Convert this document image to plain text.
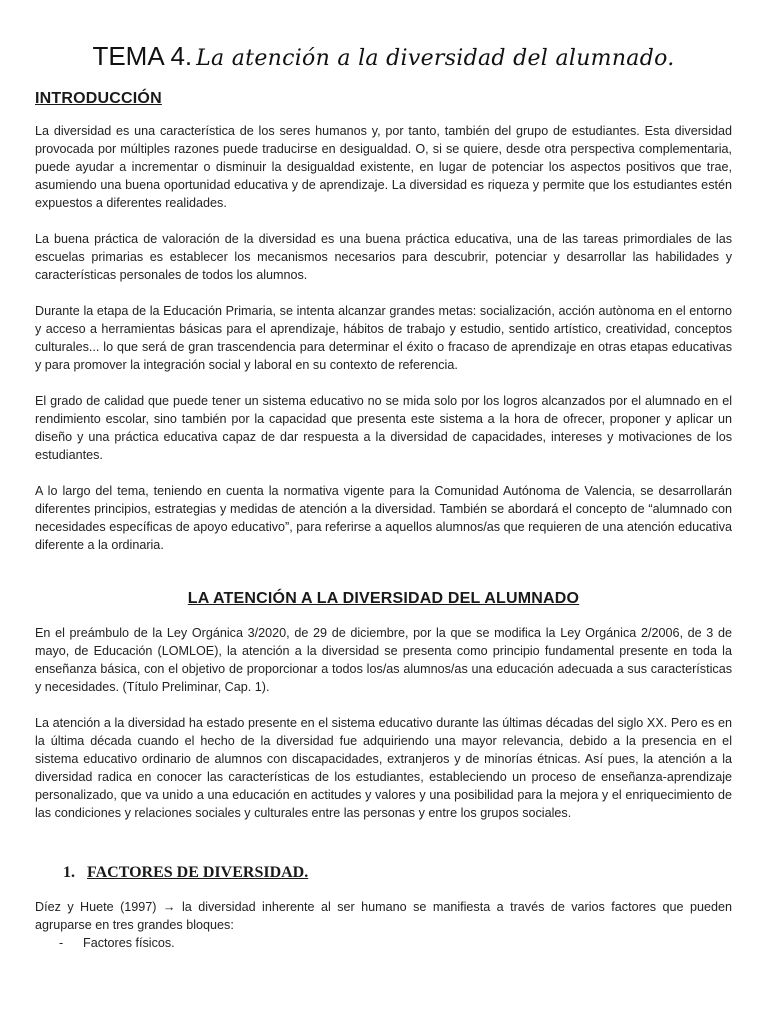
TEMA 4. La atención a la diversidad del alumnado.
INTRODUCCIÓN

La diversidad es una característica de los seres humanos y, por tanto, también del grupo de estudiantes. Esta diversidad provocada por múltiples razones puede traducirse en desigualdad. O, si se quiere, desde otra perspectiva complementaria, puede ayudar a incrementar o disminuir la desigualdad existente, en lugar de potenciar los aspectos positivos que trae, asumiendo una buena oportunidad educativa y de aprendizaje. La diversidad es riqueza y permite que los estudiantes estén expuestos a diferentes realidades.

La buena práctica de valoración de la diversidad es una buena práctica educativa, una de las tareas primordiales de las escuelas primarias es establecer los mecanismos necesarios para descubrir, potenciar y desarrollar las habilidades y características personales de todos los alumnos.

Durante la etapa de la Educación Primaria, se intenta alcanzar grandes metas: socialización, acción autònoma en el entorno y acceso a herramientas básicas para el aprendizaje, hábitos de trabajo y estudio, sentido artístico, creatividad, conceptos culturales... lo que será de gran trascendencia para determinar el éxito o fracaso de aprendizaje en otras etapas educativas y para promover la integración social y laboral en su contexto de referencia.

El grado de calidad que puede tener un sistema educativo no se mida solo por los logros alcanzados por el alumnado en el rendimiento escolar, sino también por la capacidad que presenta este sistema a la hora de ofrecer, proponer y aplicar un diseño y una práctica educativa capaz de dar respuesta a la diversidad de capacidades, intereses y motivaciones de los estudiantes.

A lo largo del tema, teniendo en cuenta la normativa vigente para la Comunidad Autónoma de Valencia, se desarrollarán diferentes principios, estrategias y medidas de atención a la diversidad. También se abordará el concepto de “alumnado con necesidades específicas de apoyo educativo”, para referirse a aquellos alumnos/as que requieren de una atención educativa diferente a la ordinaria.

LA ATENCIÓN A LA DIVERSIDAD DEL ALUMNADO

En el preámbulo de la Ley Orgánica 3/2020, de 29 de diciembre, por la que se modifica la Ley Orgánica 2/2006, de 3 de mayo, de Educación (LOMLOE), la atención a la diversidad se presenta como principio fundamental presente en toda la enseñanza básica, con el objetivo de proporcionar a todos los/as alumnos/as una educación adecuada a sus características y necesidades. (Título Preliminar, Cap. 1).

La atención a la diversidad ha estado presente en el sistema educativo durante las últimas décadas del siglo XX. Pero es en la última década cuando el hecho de la diversidad fue adquiriendo una mayor relevancia, debido a la presencia en el sistema educativo ordinario de alumnos con discapacidades, extranjeros y de minorías étnicas. Así pues, la atención a la diversidad radica en conocer las características de los estudiantes, estableciendo un proceso de enseñanza-aprendizaje personalizado, que va unido a una educación en actitudes y valores y una posibilidad para la mejora y el enriquecimiento de las condiciones y relaciones sociales y culturales entre las personas y entre los grupos sociales.

1. FACTORES DE DIVERSIDAD.

Díez y Huete (1997) → la diversidad inherente al ser humano se manifiesta a través de varios factores que pueden agruparse en tres grandes bloques:

-	Factores físicos.
